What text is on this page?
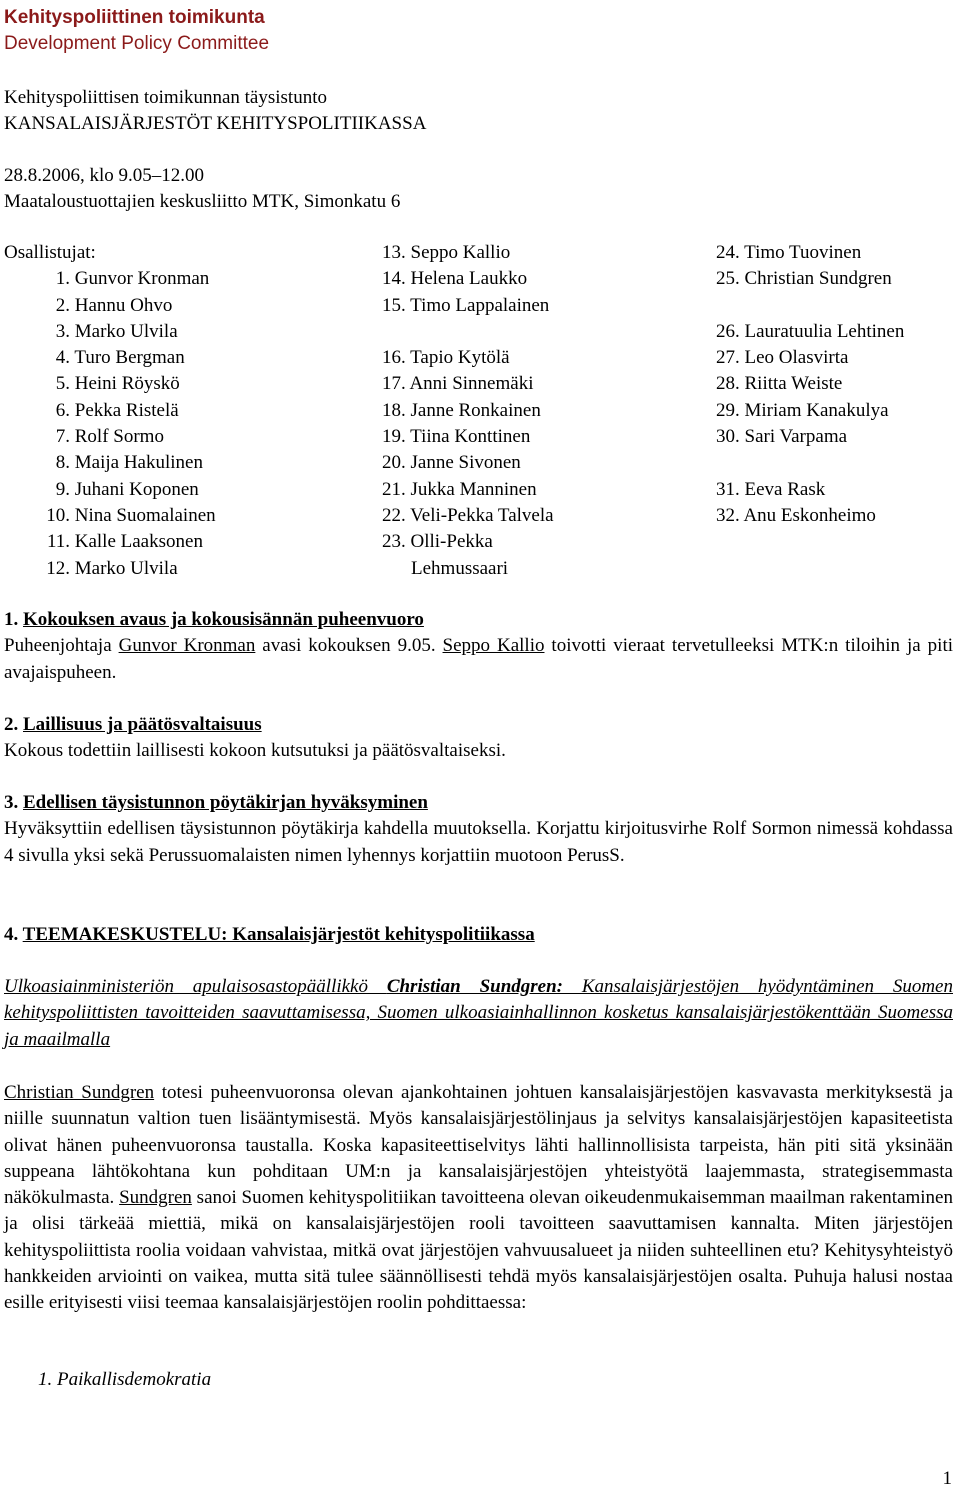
Kehityspoliittinen toimikunta
Development Policy Committee
Kehityspoliittisen toimikunnan täysistunto
KANSALAISJÄRJESTÖT KEHITYSPOLITIIKASSA
28.8.2006, klo 9.05–12.00
Maataloustuottajien keskusliitto MTK, Simonkatu 6
Osallistujat:
1. Gunvor Kronman
2. Hannu Ohvo
3. Marko Ulvila
4. Turo Bergman
5. Heini Röyskö
6. Pekka Ristelä
7. Rolf Sormo
8. Maija Hakulinen
9. Juhani Koponen
10. Nina Suomalainen
11. Kalle Laaksonen
12. Marko Ulvila
13. Seppo Kallio
14. Helena Laukko
15. Timo Lappalainen
16. Tapio Kytölä
17. Anni Sinnemäki
18. Janne Ronkainen
19. Tiina Konttinen
20. Janne Sivonen
21. Jukka Manninen
22. Veli-Pekka Talvela
23. Olli-Pekka
Lehmussaari
24. Timo Tuovinen
25. Christian Sundgren
26. Lauratuulia Lehtinen
27. Leo Olasvirta
28. Riitta Weiste
29. Miriam Kanakulya
30. Sari Varpama
31. Eeva Rask
32. Anu Eskonheimo

1. Kokouksen avaus ja kokousisännän puheenvuoro

Puheenjohtaja Gunvor Kronman avasi kokouksen 9.05. Seppo Kallio toivotti vieraat tervetulleeksi MTK:n tiloihin ja piti avajaispuheen.

2. Laillisuus ja päätösvaltaisuus

Kokous todettiin laillisesti kokoon kutsutuksi ja päätösvaltaiseksi.

3. Edellisen täysistunnon pöytäkirjan hyväksyminen

Hyväksyttiin edellisen täysistunnon pöytäkirja kahdella muutoksella. Korjattu kirjoitusvirhe Rolf Sormon nimessä kohdassa 4 sivulla yksi sekä Perussuomalaisten nimen lyhennys korjattiin muotoon PerusS.

4. TEEMAKESKUSTELU: Kansalaisjärjestöt kehityspolitiikassa

Ulkoasiainministeriön apulaisosastopäällikkö Christian Sundgren: Kansalaisjärjestöjen hyödyntäminen Suomen kehityspoliittisten tavoitteiden saavuttamisessa, Suomen ulkoasiainhallinnon kosketus kansalaisjärjestökenttään Suomessa ja maailmalla

Christian Sundgren totesi puheenvuoronsa olevan ajankohtainen johtuen kansalaisjärjestöjen kasvavasta merkityksestä ja niille suunnatun valtion tuen lisääntymisestä. Myös kansalaisjärjestölinjaus ja selvitys kansalaisjärjestöjen kapasiteetista olivat hänen puheenvuoronsa taustalla. Koska kapasiteettiselvitys lähti hallinnollisista tarpeista, hän piti sitä yksinään suppeana lähtökohtana kun pohditaan UM:n ja kansalaisjärjestöjen yhteistyötä laajemmasta, strategisemmasta näkökulmasta. Sundgren sanoi Suomen kehityspolitiikan tavoitteena olevan oikeudenmukaisemman maailman rakentaminen ja olisi tärkeää miettiä, mikä on kansalaisjärjestöjen rooli tavoitteen saavuttamisen kannalta. Miten järjestöjen kehityspoliittista roolia voidaan vahvistaa, mitkä ovat järjestöjen vahvuusalueet ja niiden suhteellinen etu? Kehitysyhteistyö hankkeiden arviointi on vaikea, mutta sitä tulee säännöllisesti tehdä myös kansalaisjärjestöjen osalta. Puhuja halusi nostaa esille erityisesti viisi teemaa kansalaisjärjestöjen roolin pohdittaessa:

1. Paikallisdemokratia
1
